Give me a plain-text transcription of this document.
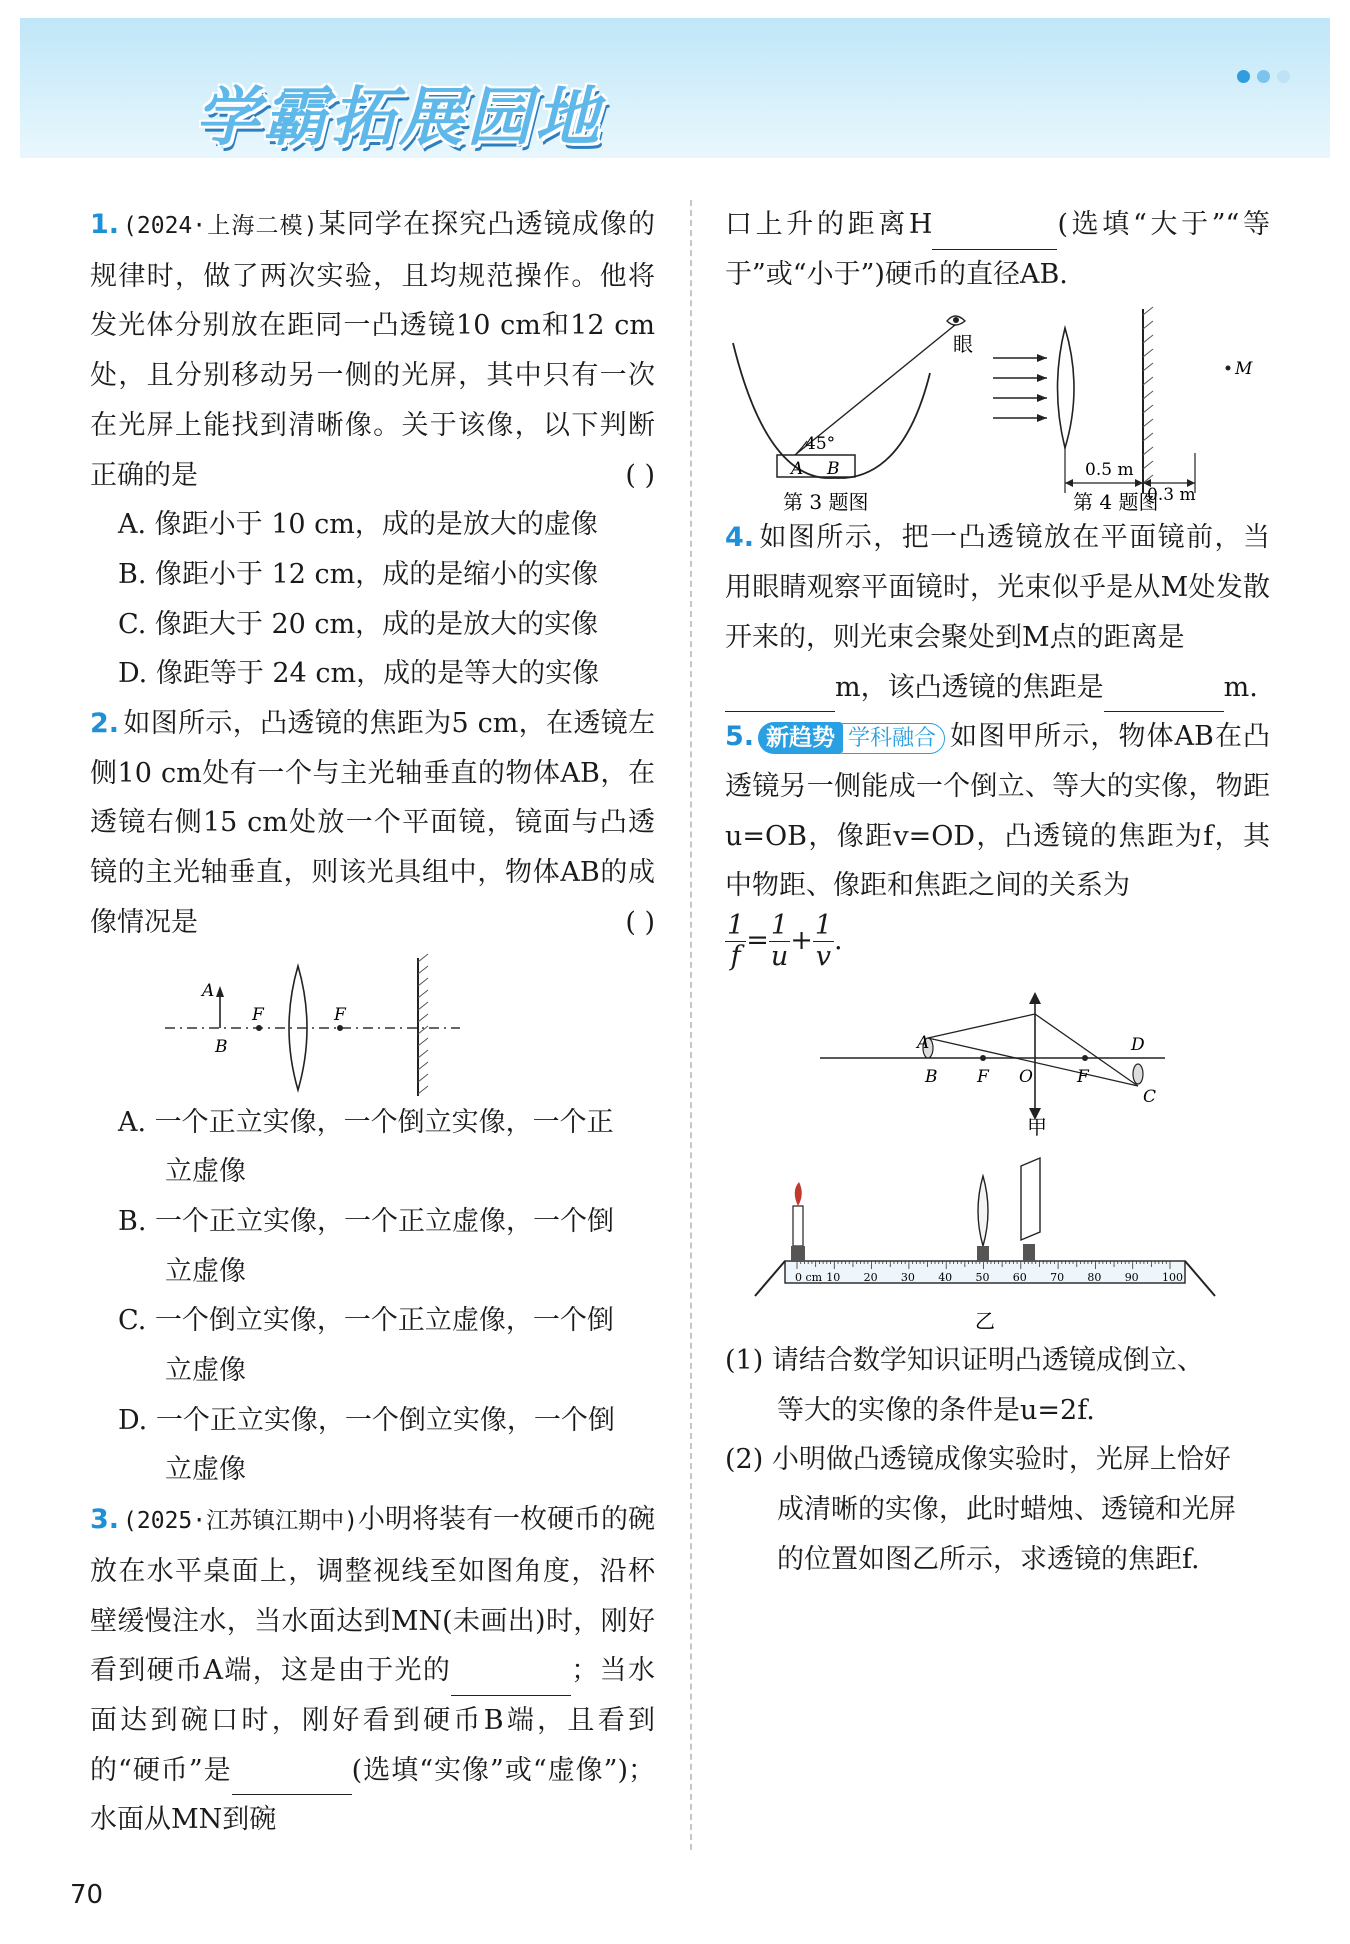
学霸拓展园地

1. (2024·上海二模)某同学在探究凸透镜成像的规律时，做了两次实验，且均规范操作。他将发光体分别放在距同一凸透镜10 cm和12 cm处，且分别移动另一侧的光屏，其中只有一次在光屏上能找到清晰像。关于该像，以下判断正确的是	( )

A. 像距小于 10 cm，成的是放大的虚像

B. 像距小于 12 cm，成的是缩小的实像

C. 像距大于 20 cm，成的是放大的实像

D. 像距等于 24 cm，成的是等大的实像

2. 如图所示，凸透镜的焦距为5 cm，在透镜左侧10 cm处有一个与主光轴垂直的物体AB，在透镜右侧15 cm处放一个平面镜，镜面与凸透镜的主光轴垂直，则该光具组中，物体AB的成像情况是	( )

A
B
F	F

A. 一个正立实像，一个倒立实像，一个正

立虚像

B. 一个正立实像，一个正立虚像，一个倒

立虚像

C. 一个倒立实像，一个正立虚像，一个倒

立虚像

D. 一个正立实像，一个倒立实像，一个倒

立虚像

3. (2025·江苏镇江期中)小明将装有一枚硬币的碗放在水平桌面上，调整视线至如图角度，沿杯壁缓慢注水，当水面达到MN(未画出)时，刚好看到硬币A端，这是由于光的	；当水面达到碗口时，刚好看到硬币B端，且看到的“硬币”是	(选填“实像”或“虚像”)；水面从MN到碗

口上升的距离H	(选填“大于”“等于”或“小于”)硬币的直径AB.

45°
A B
眼
第 3 题图
M
0.5 m
0.3 m
第 4 题图

4. 如图所示，把一凸透镜放在平面镜前，当用眼睛观察平面镜时，光束似乎是从M处发散开来的，则光束会聚处到M点的距离是

m，该凸透镜的焦距是	m.

5. 新趋势 学科融合 如图甲所示，物体AB在凸透镜另一侧能成一个倒立、等大的实像，物距u=OB，像距v=OD，凸透镜的焦距为f，其中物距、像距和焦距之间的关系为

$\frac{1}{f} = \frac{1}{u} + \frac{1}{v}$ .

A
B F O	F
D
C
甲
0 cm 10 20 30 40 50 60 70 80 90 100
乙

(1) 请结合数学知识证明凸透镜成倒立、

等大的实像的条件是u=2f.

(2) 小明做凸透镜成像实验时，光屏上恰好

成清晰的实像，此时蜡烛、透镜和光屏

的位置如图乙所示，求透镜的焦距f.

70
